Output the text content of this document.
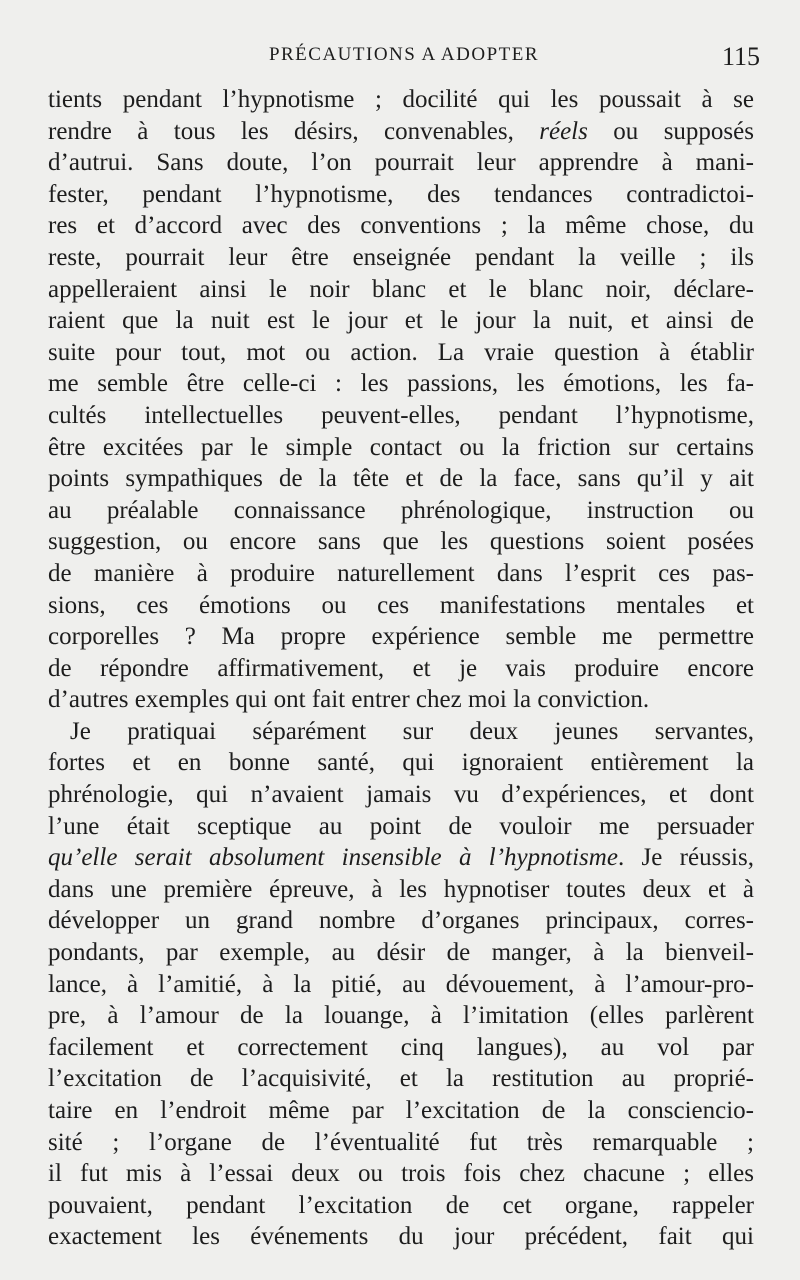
PRÉCAUTIONS A ADOPTER	115
tients pendant l’hypnotisme ; docilité qui les poussait à se
rendre à tous les désirs, convenables, réels ou supposés
d’autrui. Sans doute, l’on pourrait leur apprendre à mani-
fester, pendant l’hypnotisme, des tendances contradictoi-
res et d’accord avec des conventions ; la même chose, du
reste, pourrait leur être enseignée pendant la veille ; ils
appelleraient ainsi le noir blanc et le blanc noir, déclare-
raient que la nuit est le jour et le jour la nuit, et ainsi de
suite pour tout, mot ou action. La vraie question à établir
me semble être celle-ci : les passions, les émotions, les fa-
cultés intellectuelles peuvent-elles, pendant l’hypnotisme,
être excitées par le simple contact ou la friction sur certains
points sympathiques de la tête et de la face, sans qu’il y ait
au préalable connaissance phrénologique, instruction ou
suggestion, ou encore sans que les questions soient posées
de manière à produire naturellement dans l’esprit ces pas-
sions, ces émotions ou ces manifestations mentales et
corporelles ? Ma propre expérience semble me permettre
de répondre affirmativement, et je vais produire encore
d’autres exemples qui ont fait entrer chez moi la conviction.
Je pratiquai séparément sur deux jeunes servantes,
fortes et en bonne santé, qui ignoraient entièrement la
phrénologie, qui n’avaient jamais vu d’expériences, et dont
l’une était sceptique au point de vouloir me persuader
qu’elle serait absolument insensible à l’hypnotisme. Je réussis,
dans une première épreuve, à les hypnotiser toutes deux et à
développer un grand nombre d’organes principaux, corres-
pondants, par exemple, au désir de manger, à la bienveil-
lance, à l’amitié, à la pitié, au dévouement, à l’amour-pro-
pre, à l’amour de la louange, à l’imitation (elles parlèrent
facilement et correctement cinq langues), au vol par
l’excitation de l’acquisivité, et la restitution au proprié-
taire en l’endroit même par l’excitation de la consciencio-
sité ; l’organe de l’éventualité fut très remarquable ;
il fut mis à l’essai deux ou trois fois chez chacune ; elles
pouvaient, pendant l’excitation de cet organe, rappeler
exactement les événements du jour précédent, fait qui
